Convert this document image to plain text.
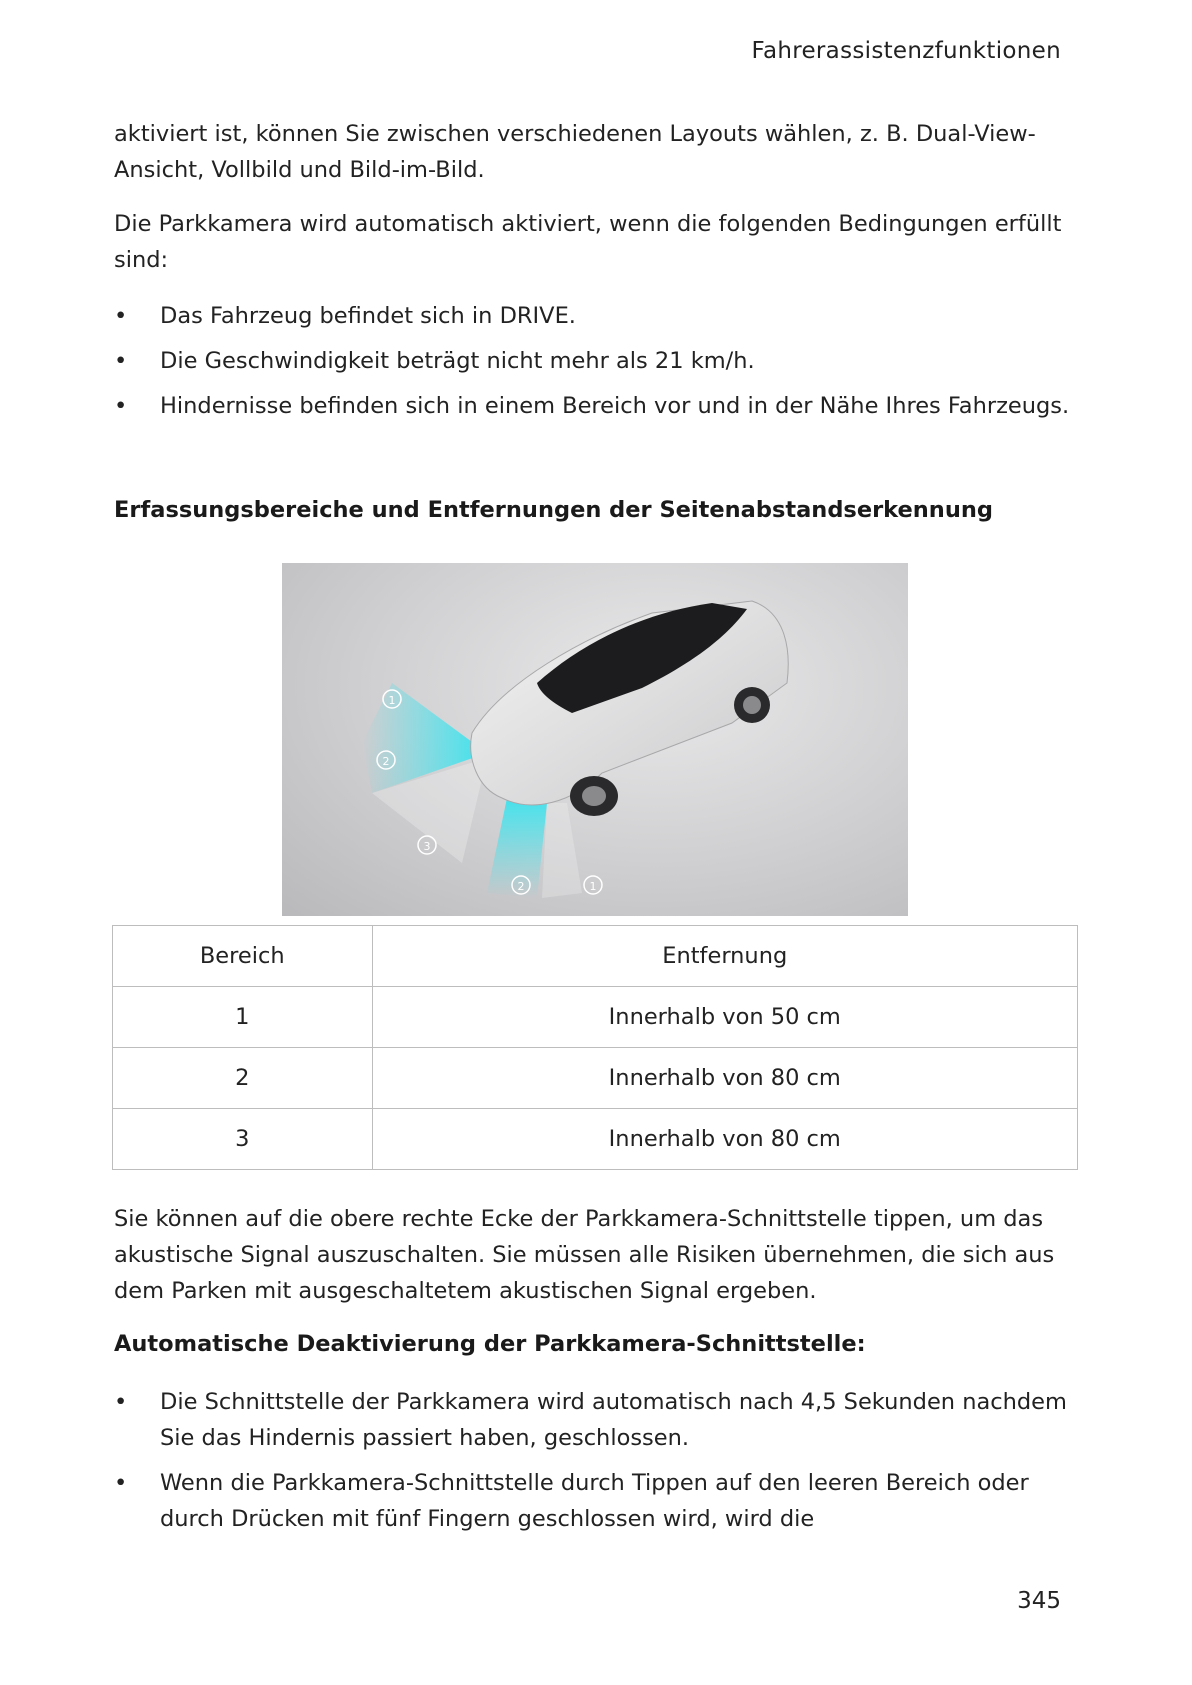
Fahrerassistenzfunktionen
aktiviert ist, können Sie zwischen verschiedenen Layouts wählen, z. B. Dual-View-Ansicht, Vollbild und Bild-im-Bild.
Die Parkkamera wird automatisch aktiviert, wenn die folgenden Bedingungen erfüllt sind:
• Das Fahrzeug befindet sich in DRIVE.
• Die Geschwindigkeit beträgt nicht mehr als 21 km/h.
• Hindernisse befinden sich in einem Bereich vor und in der Nähe Ihres Fahrzeugs.
Erfassungsbereiche und Entfernungen der Seitenabstandserkennung
1
2
3
2	1
Bereich	Entfernung
1	Innerhalb von 50 cm
2	Innerhalb von 80 cm
3	Innerhalb von 80 cm
Sie können auf die obere rechte Ecke der Parkkamera-Schnittstelle tippen, um das akustische Signal auszuschalten. Sie müssen alle Risiken übernehmen, die sich aus dem Parken mit ausgeschaltetem akustischen Signal ergeben.
Automatische Deaktivierung der Parkkamera-Schnittstelle:
• Die Schnittstelle der Parkkamera wird automatisch nach 4,5 Sekunden nachdem Sie das Hindernis passiert haben, geschlossen.
• Wenn die Parkkamera-Schnittstelle durch Tippen auf den leeren Bereich oder durch Drücken mit fünf Fingern geschlossen wird, wird die
345
